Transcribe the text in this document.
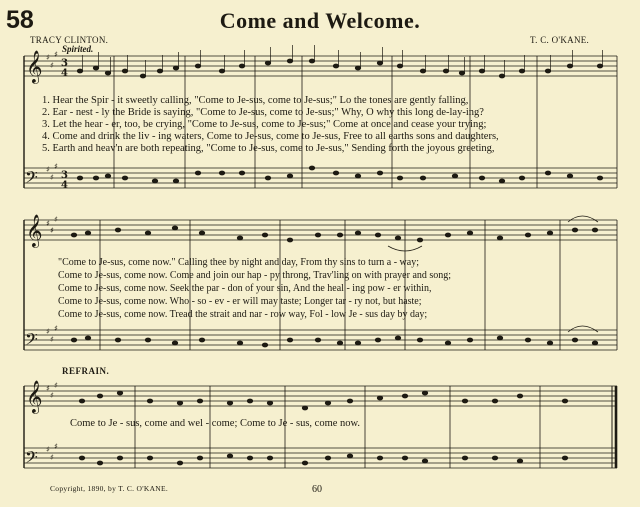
58	Come and Welcome.
TRACY CLINTON.	T. C. O'KANE.
Spirited.
REFRAIN.
𝄞
𝄞
𝄞
𝄢
𝄢
𝄢
♯
♯
♯
♯
♯
♯
♯
♯
♯
♯
♯
♯
♯
♯
♯
♯
♯
♯
3
4
3
4
1. Hear the Spir - it sweetly calling, "Come to Je-sus, come to Je-sus;" Lo the tones are gently falling,
2. Ear - nest - ly the Bride is saying, "Come to Je-sus, come to Je-sus;" Why, O why this long de-lay-ing?
3. Let the hear - er, too, be crying, "Come to Je-sus, come to Je-sus;" Come at once and cease your trying;
4. Come and drink the liv - ing waters, Come to Je-sus, come to Je-sus, Free to all earths sons and daughters,
5. Earth and heav'n are both repeating, "Come to Je-sus, come to Je-sus," Sending forth the joyous greeting,
"Come to Je-sus, come now." Calling thee by night and day, From thy sins to turn a - way;
Come to Je-sus, come now. Come and join our hap - py throng, Trav'ling on with prayer and song;
Come to Je-sus, come now. Seek the par - don of your sin, And the heal - ing pow - er within,
Come to Je-sus, come now. Who - so - ev - er will may taste; Longer tar - ry not, but haste;
Come to Je-sus, come now. Tread the strait and nar - row way, Fol - low Je - sus day by day;
Come to Je - sus, come and wel - come; Come to Je - sus, come now.
Copyright, 1890, by T. C. O'KANE.	60
